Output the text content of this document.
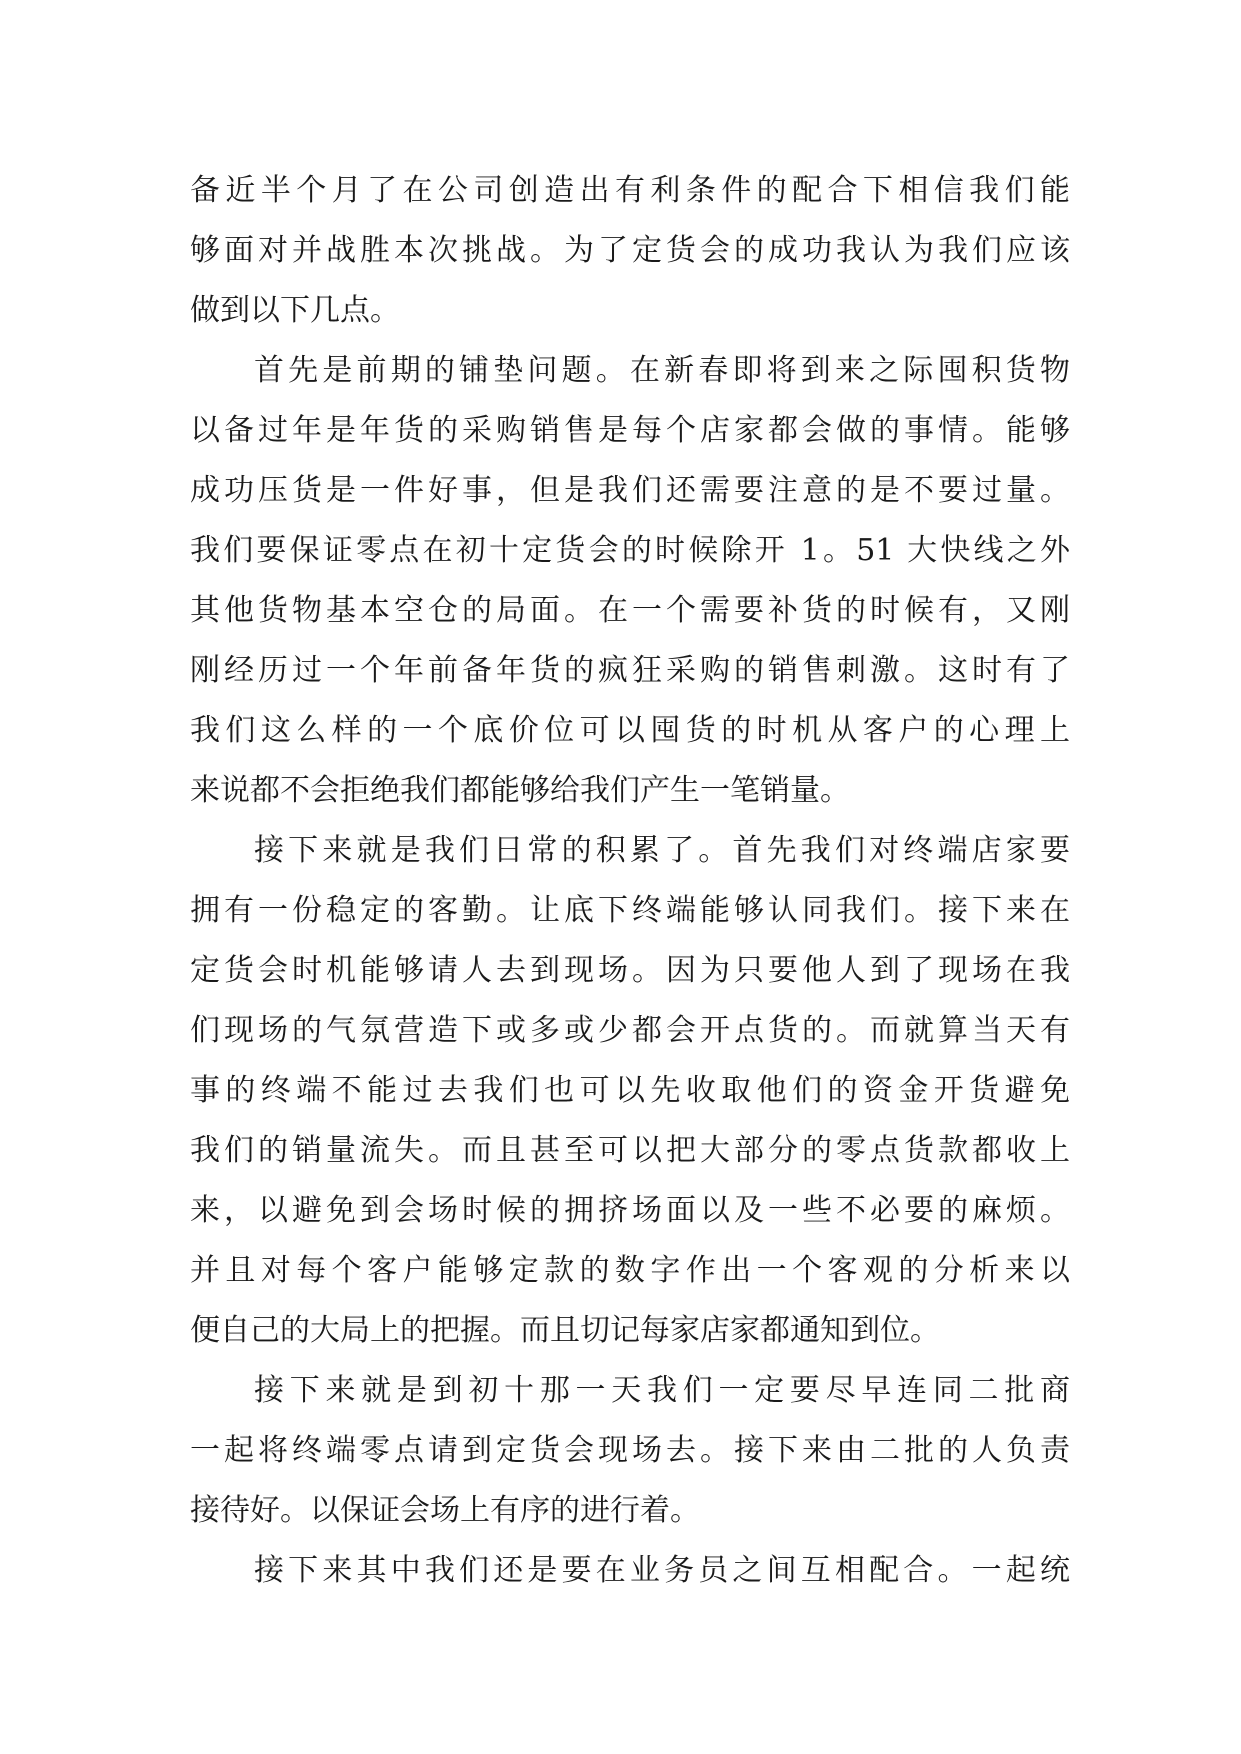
备近半个月了在公司创造出有利条件的配合下相信我们能
够面对并战胜本次挑战。为了定货会的成功我认为我们应该
做到以下几点。
首先是前期的铺垫问题。在新春即将到来之际囤积货物
以备过年是年货的采购销售是每个店家都会做的事情。能够
成功压货是一件好事，但是我们还需要注意的是不要过量。
我们要保证零点在初十定货会的时候除开 1。51 大快线之外
其他货物基本空仓的局面。在一个需要补货的时候有，又刚
刚经历过一个年前备年货的疯狂采购的销售刺激。这时有了
我们这么样的一个底价位可以囤货的时机从客户的心理上
来说都不会拒绝我们都能够给我们产生一笔销量。
接下来就是我们日常的积累了。首先我们对终端店家要
拥有一份稳定的客勤。让底下终端能够认同我们。接下来在
定货会时机能够请人去到现场。因为只要他人到了现场在我
们现场的气氛营造下或多或少都会开点货的。而就算当天有
事的终端不能过去我们也可以先收取他们的资金开货避免
我们的销量流失。而且甚至可以把大部分的零点货款都收上
来，以避免到会场时候的拥挤场面以及一些不必要的麻烦。
并且对每个客户能够定款的数字作出一个客观的分析来以
便自己的大局上的把握。而且切记每家店家都通知到位。
接下来就是到初十那一天我们一定要尽早连同二批商
一起将终端零点请到定货会现场去。接下来由二批的人负责
接待好。以保证会场上有序的进行着。
接下来其中我们还是要在业务员之间互相配合。一起统
